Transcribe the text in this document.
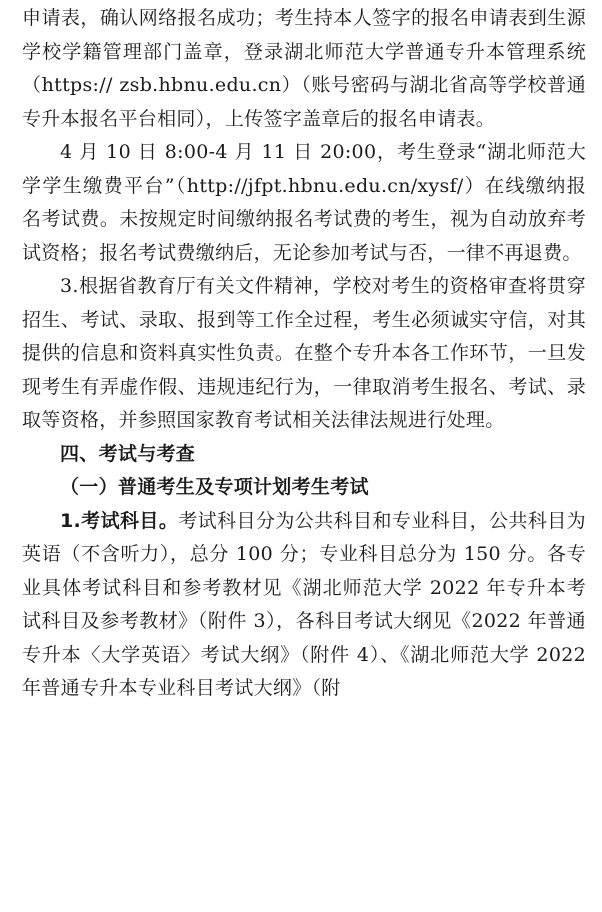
申请表，确认网络报名成功；考生持本人签字的报名申请表到生源学校学籍管理部门盖章，登录湖北师范大学普通专升本管理系统（https:// zsb.hbnu.edu.cn）（账号密码与湖北省高等学校普通专升本报名平台相同），上传签字盖章后的报名申请表。

4 月 10 日 8:00-4 月 11 日 20:00，考生登录“湖北师范大学学生缴费平台”（http://jfpt.hbnu.edu.cn/xysf/）在线缴纳报名考试费。未按规定时间缴纳报名考试费的考生，视为自动放弃考试资格；报名考试费缴纳后，无论参加考试与否，一律不再退费。

3.根据省教育厅有关文件精神，学校对考生的资格审查将贯穿招生、考试、录取、报到等工作全过程，考生必须诚实守信，对其提供的信息和资料真实性负责。在整个专升本各工作环节，一旦发现考生有弄虚作假、违规违纪行为，一律取消考生报名、考试、录取等资格，并参照国家教育考试相关法律法规进行处理。

四、考试与考查

（一）普通考生及专项计划考生考试

1.考试科目。考试科目分为公共科目和专业科目，公共科目为英语（不含听力），总分 100 分；专业科目总分为 150 分。各专业具体考试科目和参考教材见《湖北师范大学 2022 年专升本考试科目及参考教材》（附件 3），各科目考试大纲见《2022 年普通专升本〈大学英语〉考试大纲》（附件 4）、《湖北师范大学 2022 年普通专升本专业科目考试大纲》（附
